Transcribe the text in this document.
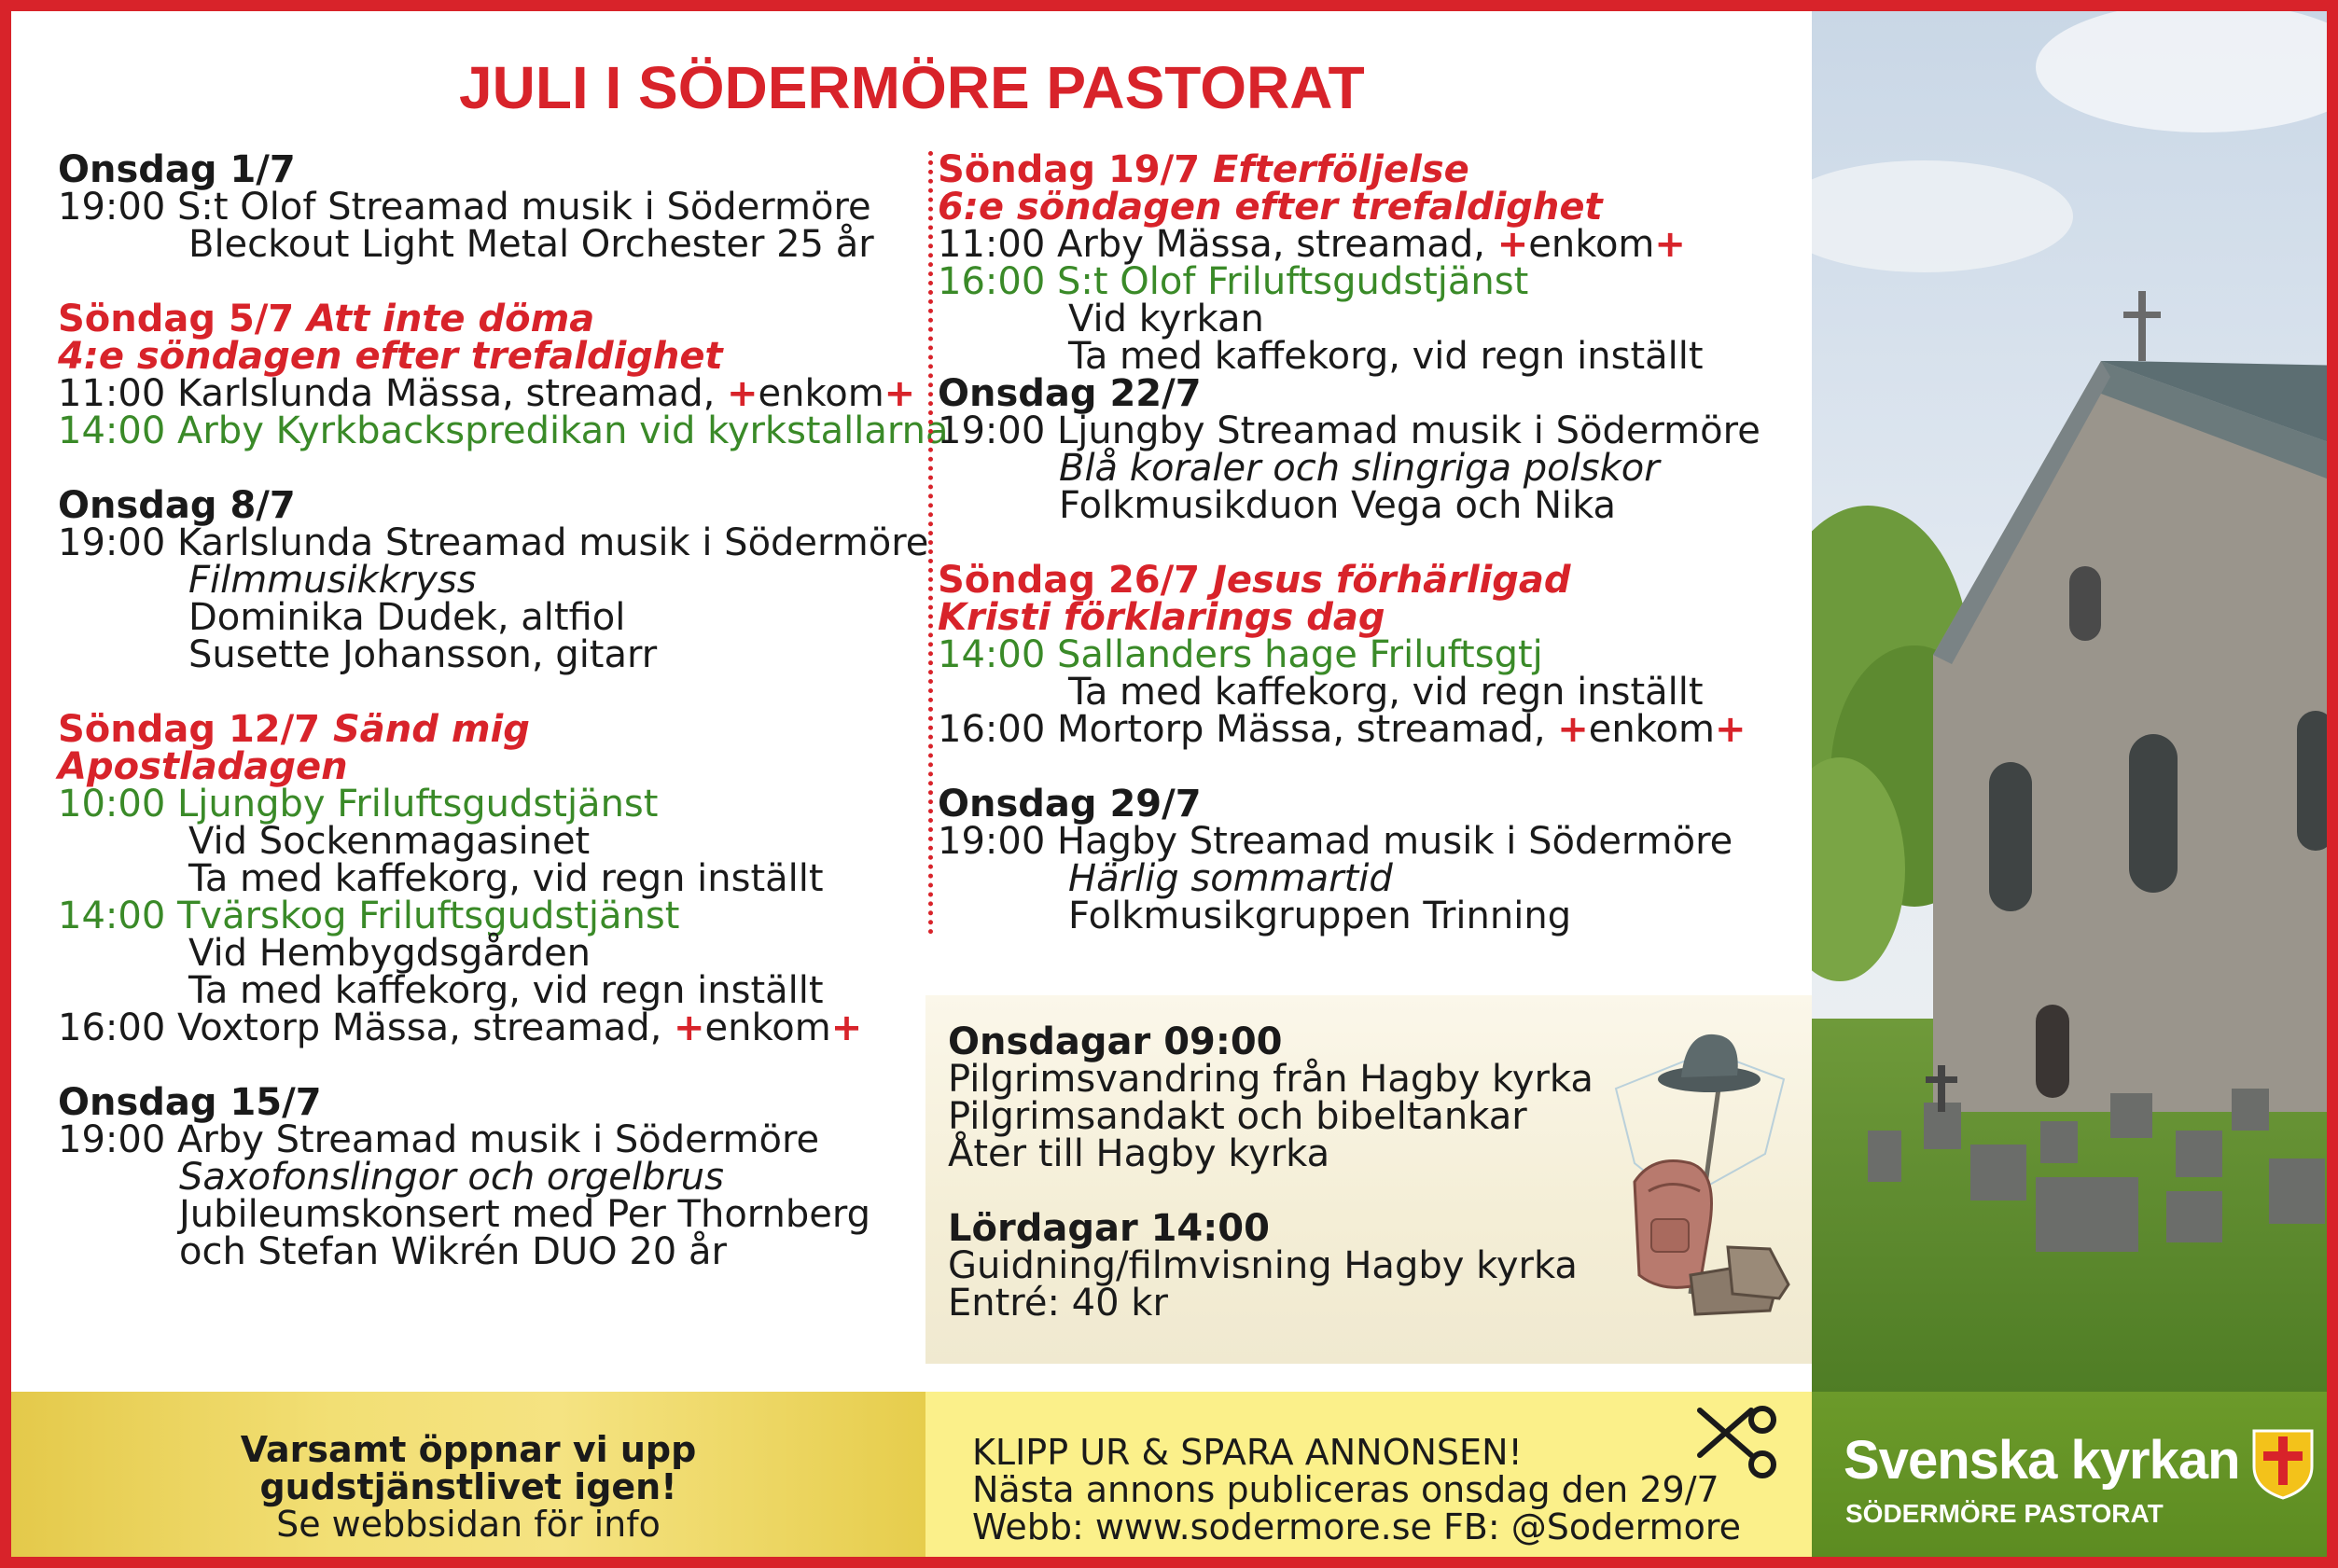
JULI I SÖDERMÖRE PASTORAT
Onsdag 1/7
19:00 S:t Olof Streamad musik i Södermöre
Bleckout Light Metal Orchester 25 år
Söndag 5/7 Att inte döma
4:e söndagen efter trefaldighet
11:00 Karlslunda Mässa, streamad, +enkom+
14:00 Arby Kyrkbackspredikan vid kyrkstallarna
Onsdag 8/7
19:00 Karlslunda Streamad musik i Södermöre
Filmmusikkryss
Dominika Dudek, altfiol
Susette Johansson, gitarr
Söndag 12/7 Sänd mig
Apostladagen
10:00 Ljungby Friluftsgudstjänst
Vid Sockenmagasinet
Ta med kaffekorg, vid regn inställt
14:00 Tvärskog Friluftsgudstjänst
Vid Hembygdsgården
Ta med kaffekorg, vid regn inställt
16:00 Voxtorp Mässa, streamad, +enkom+
Onsdag 15/7
19:00 Arby Streamad musik i Södermöre
Saxofonslingor och orgelbrus
Jubileumskonsert med Per Thornberg
och Stefan Wikrén DUO 20 år
Söndag 19/7 Efterföljelse
6:e söndagen efter trefaldighet
11:00 Arby Mässa, streamad, +enkom+
16:00 S:t Olof Friluftsgudstjänst
Vid kyrkan
Ta med kaffekorg, vid regn inställt
Onsdag 22/7
19:00 Ljungby Streamad musik i Södermöre
Blå koraler och slingriga polskor
Folkmusikduon Vega och Nika
Söndag 26/7 Jesus förhärligad
Kristi förklarings dag
14:00 Sallanders hage Friluftsgtj
Ta med kaffekorg, vid regn inställt
16:00 Mortorp Mässa, streamad, +enkom+
Onsdag 29/7
19:00 Hagby Streamad musik i Södermöre
Härlig sommartid
Folkmusikgruppen Trinning
Onsdagar 09:00
Pilgrimsvandring från Hagby kyrka
Pilgrimsandakt och bibeltankar
Åter till Hagby kyrka
Lördagar 14:00
Guidning/filmvisning Hagby kyrka
Entré: 40 kr
Varsamt öppnar vi upp
gudstjänstlivet igen!
Se webbsidan för info
KLIPP UR & SPARA ANNONSEN!
Nästa annons publiceras onsdag den 29/7
Webb: www.sodermore.se FB: @Sodermore
Svenska kyrkan
SÖDERMÖRE PASTORAT
